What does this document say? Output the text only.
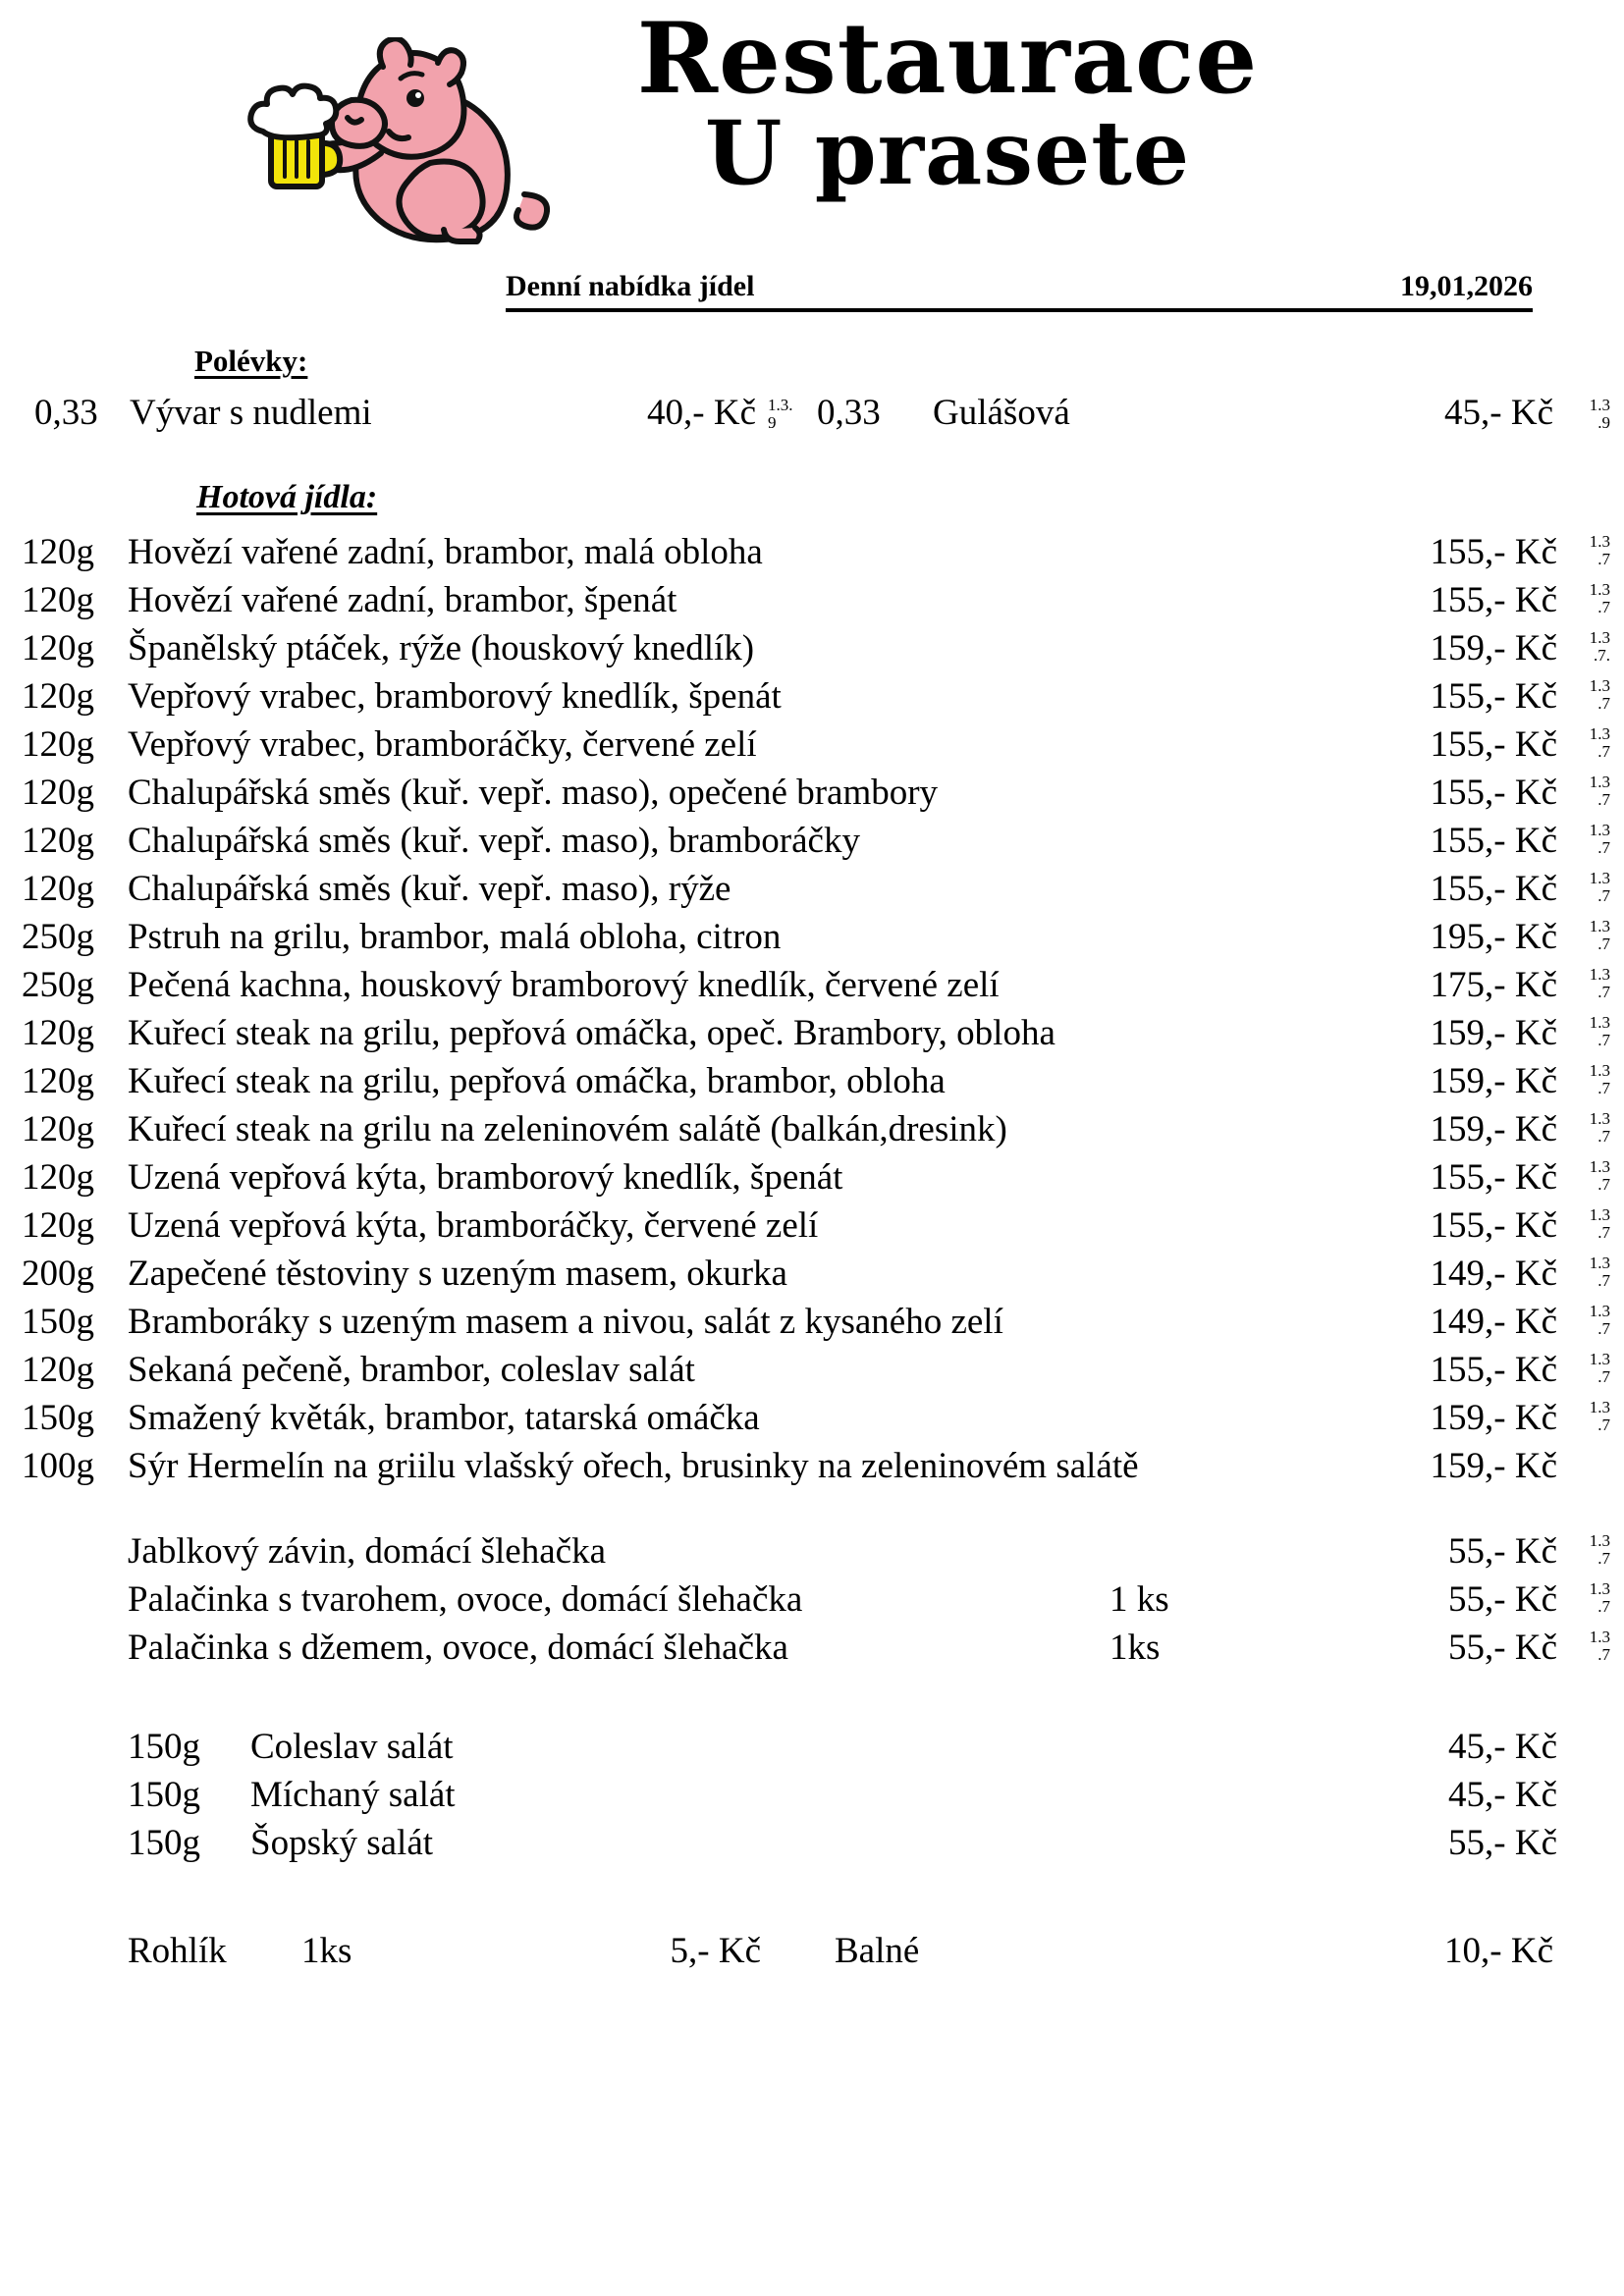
Restaurace
U prasete
Denní nabídka jídel	19,01,2026
Polévky:
0,33 Vývar s nudlemi	40,- Kč 1.3.
9	0,33 Gulášová	45,- Kč	1.3
.9
Hotová jídla:
120g Hovězí vařené zadní, brambor, malá obloha	155,- Kč	1.3
.7
120g Hovězí vařené zadní, brambor, špenát	155,- Kč	1.3
.7
120g Španělský ptáček, rýže (houskový knedlík)	159,- Kč	1.3
.7.
120g Vepřový vrabec, bramborový knedlík, špenát	155,- Kč	1.3
.7
120g Vepřový vrabec, bramboráčky, červené zelí	155,- Kč	1.3
.7
120g Chalupářská směs (kuř. vepř. maso), opečené brambory	155,- Kč	1.3
.7
120g Chalupářská směs (kuř. vepř. maso), bramboráčky	155,- Kč	1.3
.7
120g Chalupářská směs (kuř. vepř. maso), rýže	155,- Kč	1.3
.7
250g Pstruh na grilu, brambor, malá obloha, citron	195,- Kč	1.3
.7
250g Pečená kachna, houskový bramborový knedlík, červené zelí	175,- Kč	1.3
.7
120g Kuřecí steak na grilu, pepřová omáčka, opeč. Brambory, obloha	159,- Kč	1.3
.7
120g Kuřecí steak na grilu, pepřová omáčka, brambor, obloha	159,- Kč	1.3
.7
120g Kuřecí steak na grilu na zeleninovém salátě (balkán,dresink)	159,- Kč	1.3
.7
120g Uzená vepřová kýta, bramborový knedlík, špenát	155,- Kč	1.3
.7
120g Uzená vepřová kýta, bramboráčky, červené zelí	155,- Kč	1.3
.7
200g Zapečené těstoviny s uzeným masem, okurka	149,- Kč	1.3
.7
150g Bramboráky s uzeným masem a nivou, salát z kysaného zelí	149,- Kč	1.3
.7
120g Sekaná pečeně, brambor, coleslav salát	155,- Kč	1.3
.7
150g Smažený květák, brambor, tatarská omáčka	159,- Kč	1.3
.7
100g Sýr Hermelín na griilu vlašský ořech, brusinky na zeleninovém salátě	159,- Kč
Jablkový závin, domácí šlehačka	55,- Kč	1.3
.7
Palačinka s tvarohem, ovoce, domácí šlehačka	1 ks	55,- Kč	1.3
.7
Palačinka s džemem, ovoce, domácí šlehačka	1ks	55,- Kč	1.3
.7
150g	Coleslav salát	45,- Kč
150g	Míchaný salát	45,- Kč
150g	Šopský salát	55,- Kč
Rohlík 1ks	5,- Kč Balné	10,- Kč
